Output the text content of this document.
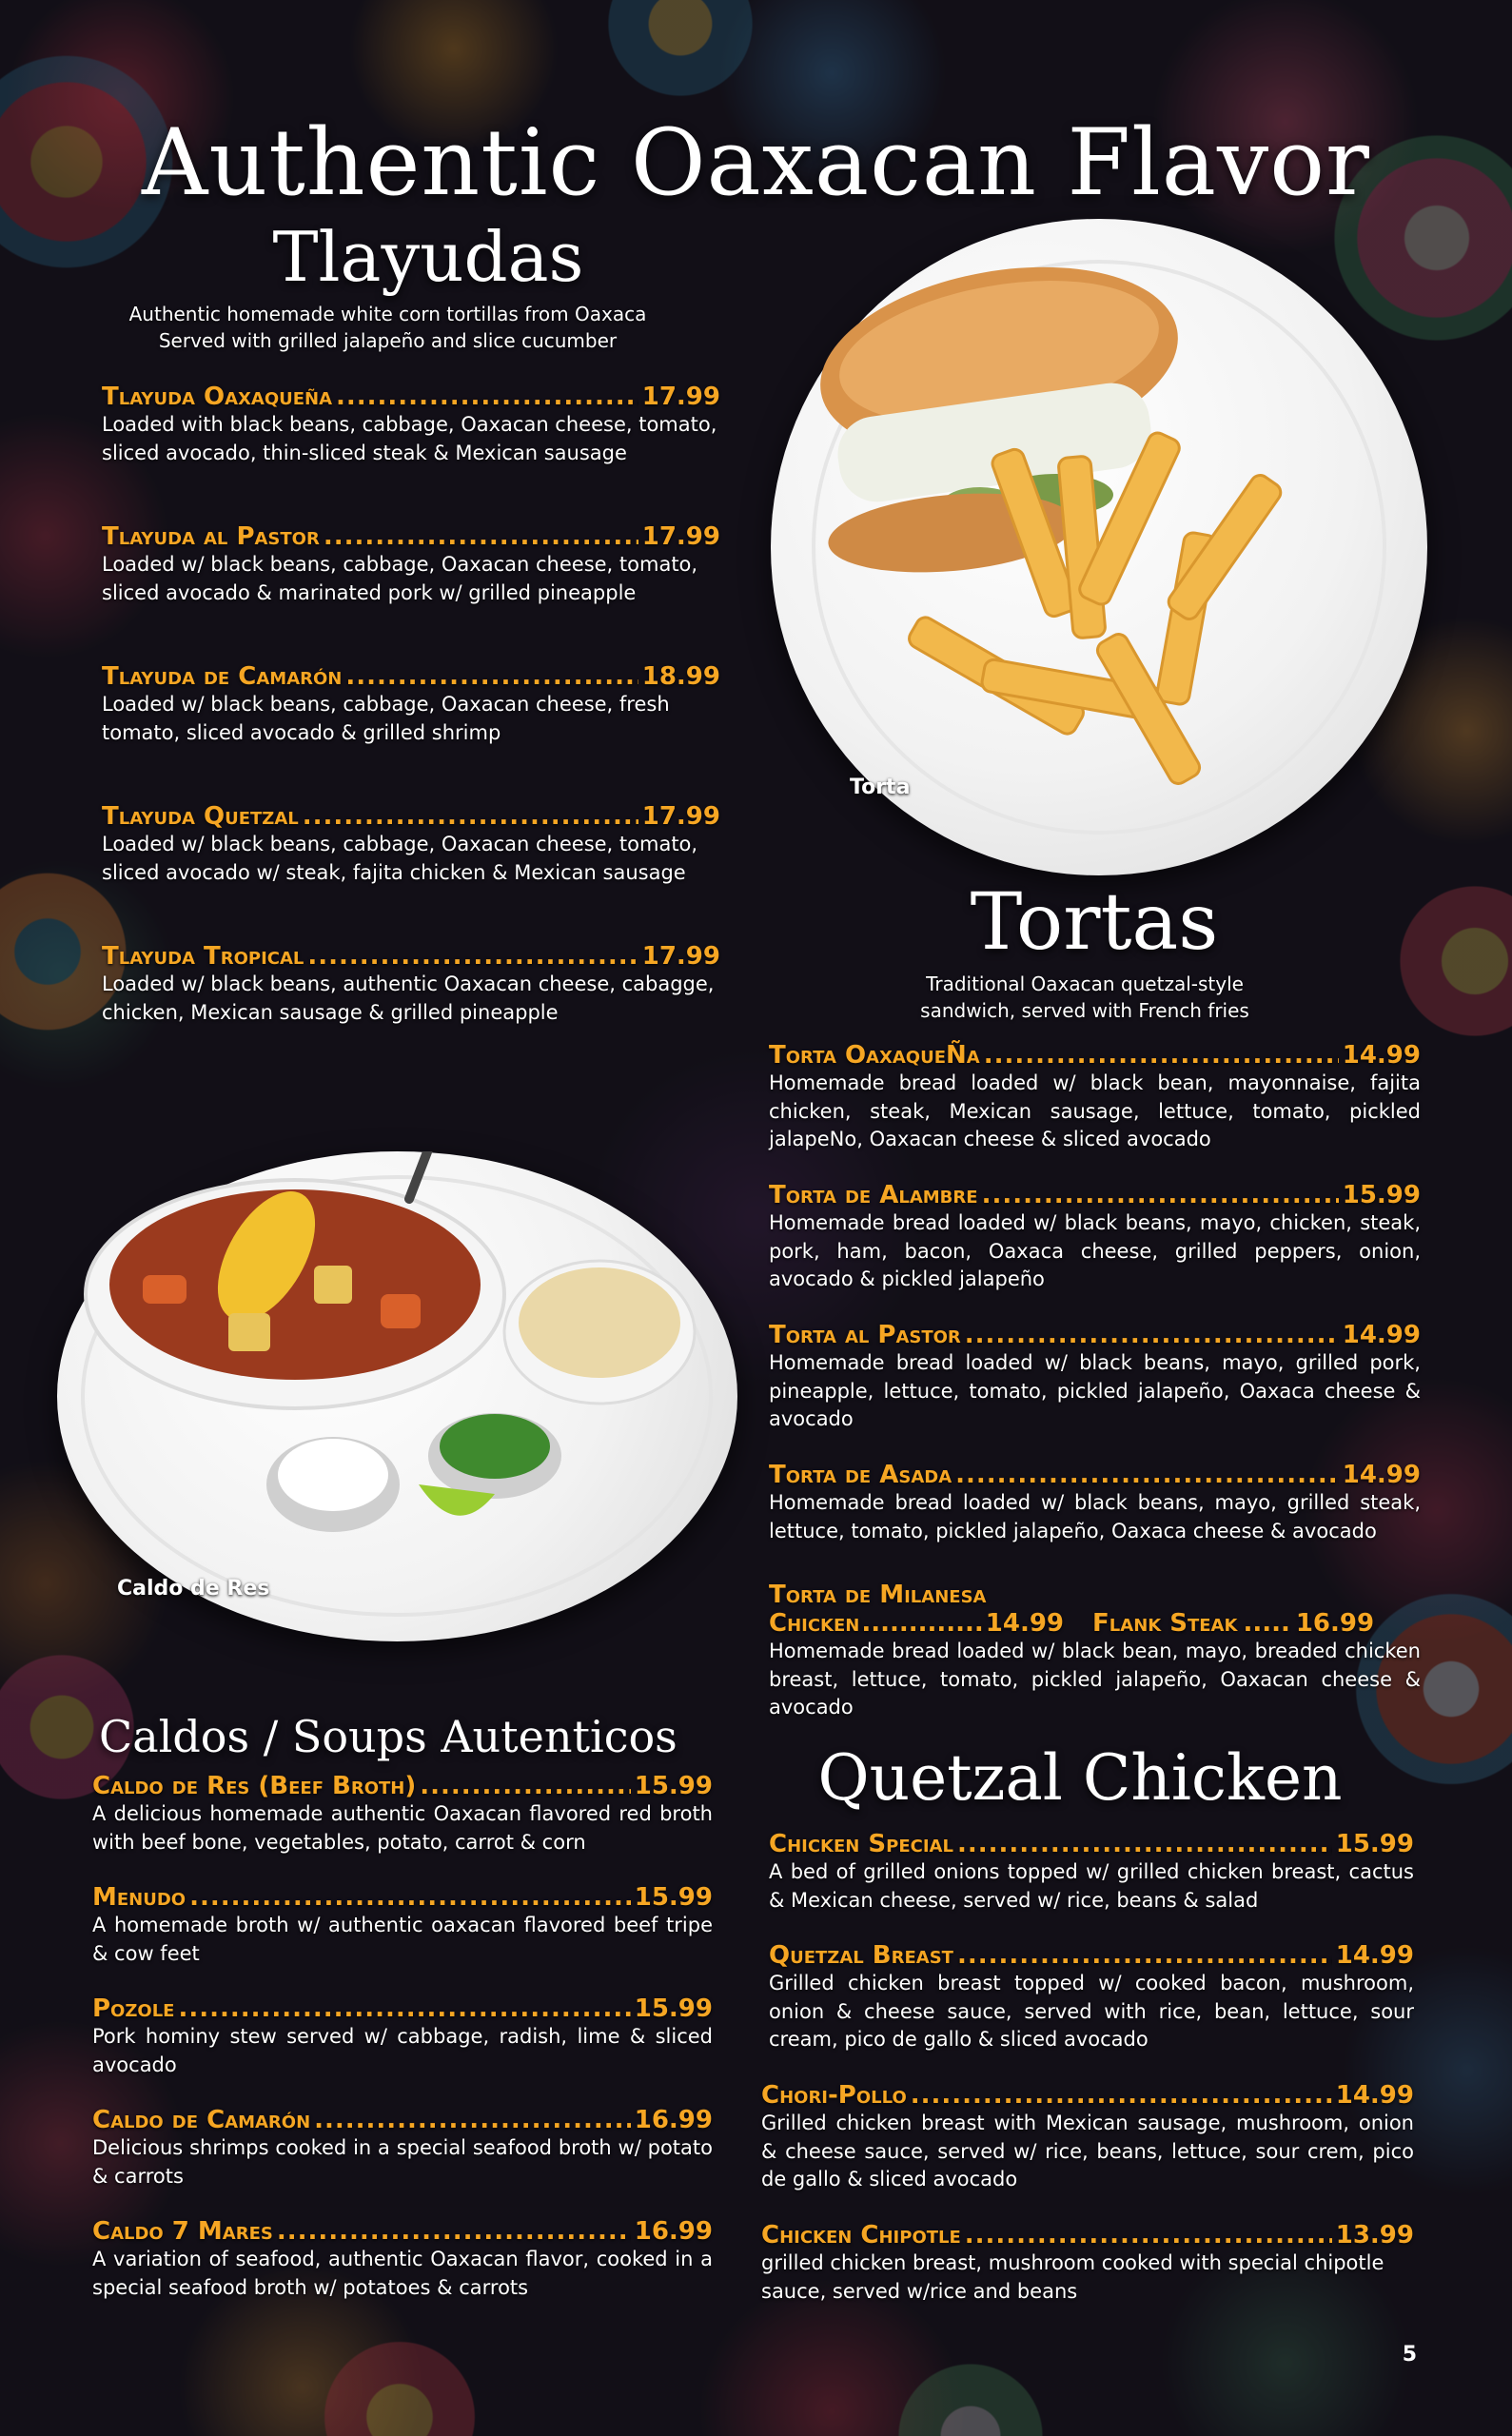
Authentic Oaxacan Flavor
Tlayudas
Authentic homemade white corn tortillas from Oaxaca
Served with grilled jalapeño and slice cucumber
Tlayuda Oaxaqueña .....	17.99
Loaded with black beans, cabbage, Oaxacan cheese, tomato, sliced avocado, thin-sliced steak & Mexican sausage
Tlayuda al Pastor .....	17.99
Loaded w/ black beans, cabbage, Oaxacan cheese, tomato, sliced avocado & marinated pork w/ grilled pineapple
Tlayuda de Camarón .....	18.99
Loaded w/ black beans, cabbage, Oaxacan cheese, fresh tomato, sliced avocado & grilled shrimp
Tlayuda Quetzal .....	17.99
Loaded w/ black beans, cabbage, Oaxacan cheese, tomato, sliced avocado w/ steak, fajita chicken & Mexican sausage
Tlayuda Tropical .....	17.99
Loaded w/ black beans, authentic Oaxacan cheese, cabagge, chicken, Mexican sausage & grilled pineapple
Torta
Tortas
Traditional Oaxacan quetzal-style
sandwich, served with French fries
Torta OaxaqueÑa .....	14.99
Homemade bread loaded w/ black bean, mayonnaise, fajita chicken, steak, Mexican sausage, lettuce, tomato, pickled jalapeNo, Oaxacan cheese & sliced avocado
Torta de Alambre .....	15.99
Homemade bread loaded w/ black beans, mayo, chicken, steak, pork, ham, bacon, Oaxaca cheese, grilled peppers, onion, avocado & pickled jalapeño
Torta al Pastor .....	14.99
Homemade bread loaded w/ black beans, mayo, grilled pork, pineapple, lettuce, tomato, pickled jalapeño, Oaxaca cheese & avocado
Torta de Asada .....	14.99
Homemade bread loaded w/ black beans, mayo, grilled steak, lettuce, tomato, pickled jalapeño, Oaxaca cheese & avocado
Torta de Milanesa
Chicken ............. 14.99 Flank Steak ..... 16.99
Homemade bread loaded w/ black bean, mayo, breaded chicken breast, lettuce, tomato, pickled jalapeño, Oaxacan cheese & avocado
Caldo de Res
Caldos / Soups Autenticos
Caldo de Res (Beef Broth) .....	15.99
A delicious homemade authentic Oaxacan flavored red broth with beef bone, vegetables, potato, carrot & corn
Menudo .....	15.99
A homemade broth w/ authentic oaxacan flavored beef tripe & cow feet
Pozole .....	15.99
Pork hominy stew served w/ cabbage, radish, lime & sliced avocado
Caldo de Camarón .....	16.99
Delicious shrimps cooked in a special seafood broth w/ potato & carrots
Caldo 7 Mares .....	16.99
A variation of seafood, authentic Oaxacan flavor, cooked in a special seafood broth w/ potatoes & carrots
Quetzal Chicken
Chicken Special .....	15.99
A bed of grilled onions topped w/ grilled chicken breast, cactus & Mexican cheese, served w/ rice, beans & salad
Quetzal Breast .....	14.99
Grilled chicken breast topped w/ cooked bacon, mushroom, onion & cheese sauce, served with rice, bean, lettuce, sour cream, pico de gallo & sliced avocado
Chori-Pollo .....	14.99
Grilled chicken breast with Mexican sausage, mushroom, onion & cheese sauce, served w/ rice, beans, lettuce, sour crem, pico de gallo & sliced avocado
Chicken Chipotle .....	13.99
grilled chicken breast, mushroom cooked with special chipotle sauce, served w/rice and beans
5
